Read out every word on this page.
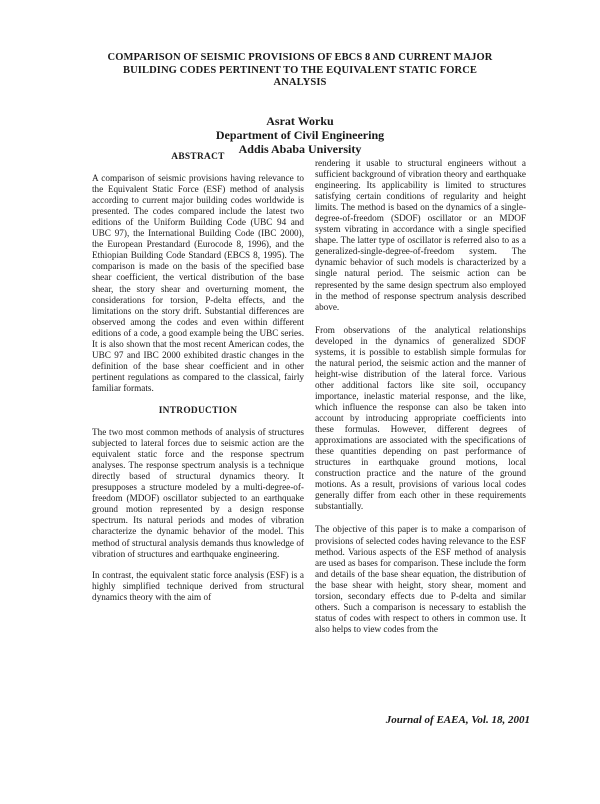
COMPARISON OF SEISMIC PROVISIONS OF EBCS 8 AND CURRENT MAJOR
BUILDING CODES PERTINENT TO THE EQUIVALENT STATIC FORCE
ANALYSIS
Asrat Worku
Department of Civil Engineering
Addis Ababa University
ABSTRACT

A comparison of seismic provisions having relevance to the Equivalent Static Force (ESF) method of analysis according to current major building codes worldwide is presented. The codes compared include the latest two editions of the Uniform Building Code (UBC 94 and UBC 97), the International Building Code (IBC 2000), the European Prestandard (Eurocode 8, 1996), and the Ethiopian Building Code Standard (EBCS 8, 1995). The comparison is made on the basis of the specified base shear coefficient, the vertical distribution of the base shear, the story shear and overturning moment, the considerations for torsion, P-delta effects, and the limitations on the story drift. Substantial differences are observed among the codes and even within different editions of a code, a good example being the UBC series. It is also shown that the most recent American codes, the UBC 97 and IBC 2000 exhibited drastic changes in the definition of the base shear coefficient and in other pertinent regulations as compared to the classical, fairly familiar formats.

INTRODUCTION

The two most common methods of analysis of structures subjected to lateral forces due to seismic action are the equivalent static force and the response spectrum analyses. The response spectrum analysis is a technique directly based of structural dynamics theory. It presupposes a structure modeled by a multi-degree-of-freedom (MDOF) oscillator subjected to an earthquake ground motion represented by a design response spectrum. Its natural periods and modes of vibration characterize the dynamic behavior of the model. This method of structural analysis demands thus knowledge of vibration of structures and earthquake engineering.

In contrast, the equivalent static force analysis (ESF) is a highly simplified technique derived from structural dynamics theory with the aim of

rendering it usable to structural engineers without a sufficient background of vibration theory and earthquake engineering. Its applicability is limited to structures satisfying certain conditions of regularity and height limits. The method is based on the dynamics of a single-degree-of-freedom (SDOF) oscillator or an MDOF system vibrating in accordance with a single specified shape. The latter type of oscillator is referred also to as a generalized-single-degree-of-freedom system. The dynamic behavior of such models is characterized by a single natural period. The seismic action can be represented by the same design spectrum also employed in the method of response spectrum analysis described above.

From observations of the analytical relationships developed in the dynamics of generalized SDOF systems, it is possible to establish simple formulas for the natural period, the seismic action and the manner of height-wise distribution of the lateral force. Various other additional factors like site soil, occupancy importance, inelastic material response, and the like, which influence the response can also be taken into account by introducing appropriate coefficients into these formulas. However, different degrees of approximations are associated with the specifications of these quantities depending on past performance of structures in earthquake ground motions, local construction practice and the nature of the ground motions. As a result, provisions of various local codes generally differ from each other in these requirements substantially.

The objective of this paper is to make a comparison of provisions of selected codes having relevance to the ESF method. Various aspects of the ESF method of analysis are used as bases for comparison. These include the form and details of the base shear equation, the distribution of the base shear with height, story shear, moment and torsion, secondary effects due to P-delta and similar others. Such a comparison is necessary to establish the status of codes with respect to others in common use. It also helps to view codes from the

Journal of EAEA, Vol. 18, 2001
